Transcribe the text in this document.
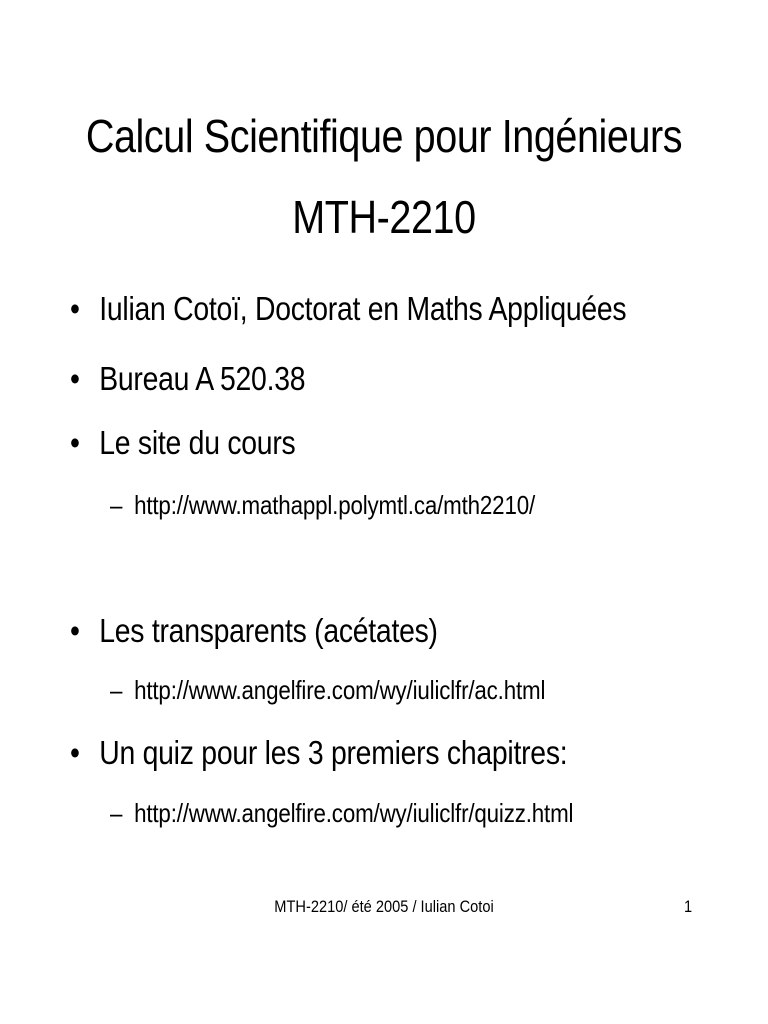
Calcul Scientifique pour Ingénieurs
MTH-2210
• Iulian Cotoï, Doctorat en Maths Appliquées
• Bureau A 520.38
• Le site du cours
– http://www.mathappl.polymtl.ca/mth2210/
• Les transparents (acétates)
– http://www.angelfire.com/wy/iuliclfr/ac.html
• Un quiz pour les 3 premiers chapitres:
– http://www.angelfire.com/wy/iuliclfr/quizz.html
MTH-2210/ été 2005 / Iulian Cotoi	1
